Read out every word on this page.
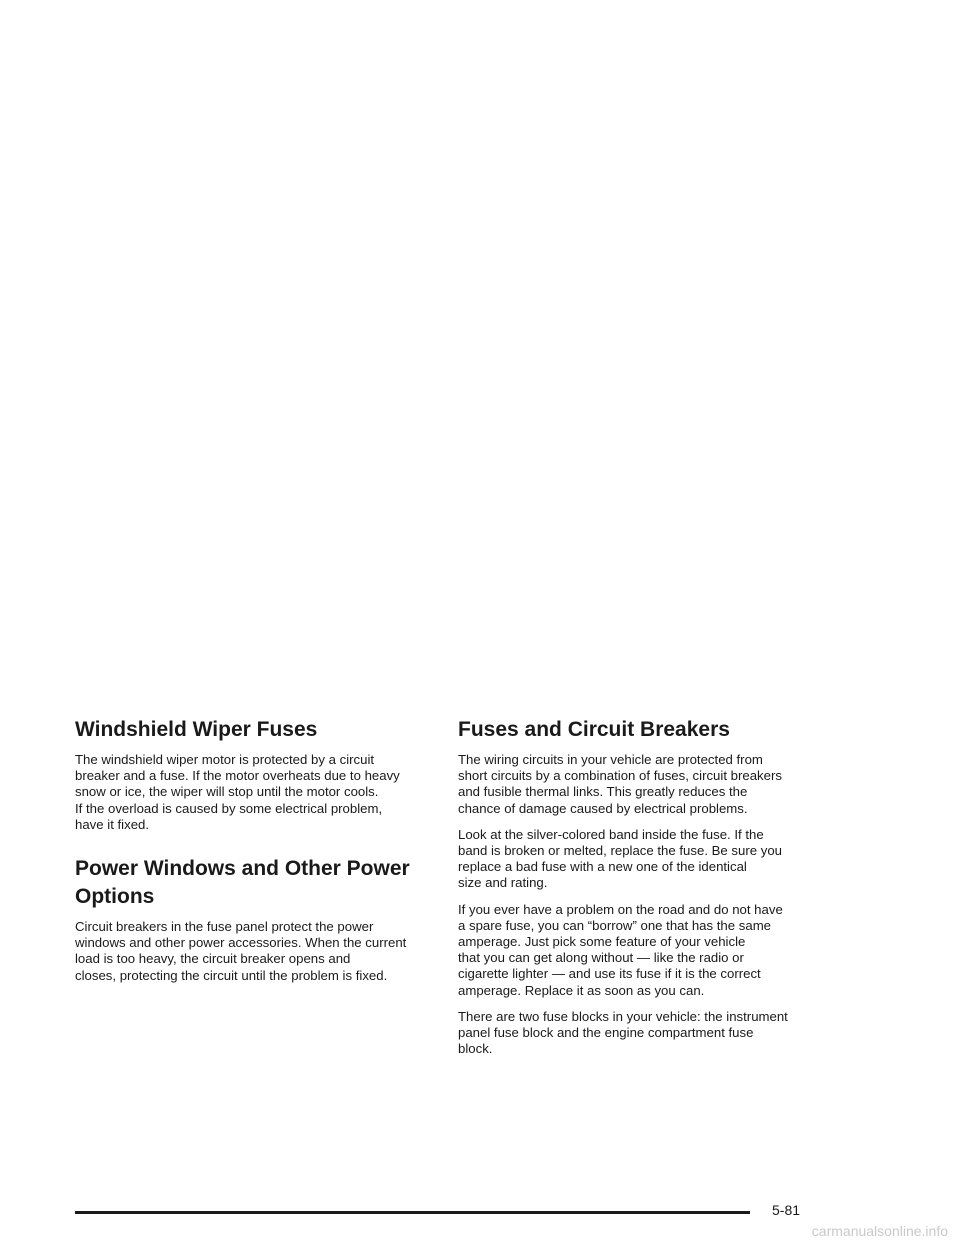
Windshield Wiper Fuses

The windshield wiper motor is protected by a circuit
breaker and a fuse. If the motor overheats due to heavy
snow or ice, the wiper will stop until the motor cools.
If the overload is caused by some electrical problem,
have it fixed.

Power Windows and Other Power Options

Circuit breakers in the fuse panel protect the power
windows and other power accessories. When the current
load is too heavy, the circuit breaker opens and
closes, protecting the circuit until the problem is fixed.

Fuses and Circuit Breakers

The wiring circuits in your vehicle are protected from
short circuits by a combination of fuses, circuit breakers
and fusible thermal links. This greatly reduces the
chance of damage caused by electrical problems.

Look at the silver-colored band inside the fuse. If the
band is broken or melted, replace the fuse. Be sure you
replace a bad fuse with a new one of the identical
size and rating.

If you ever have a problem on the road and do not have
a spare fuse, you can “borrow” one that has the same
amperage. Just pick some feature of your vehicle
that you can get along without — like the radio or
cigarette lighter — and use its fuse if it is the correct
amperage. Replace it as soon as you can.

There are two fuse blocks in your vehicle: the instrument
panel fuse block and the engine compartment fuse
block.

5-81
carmanualsonline.info
